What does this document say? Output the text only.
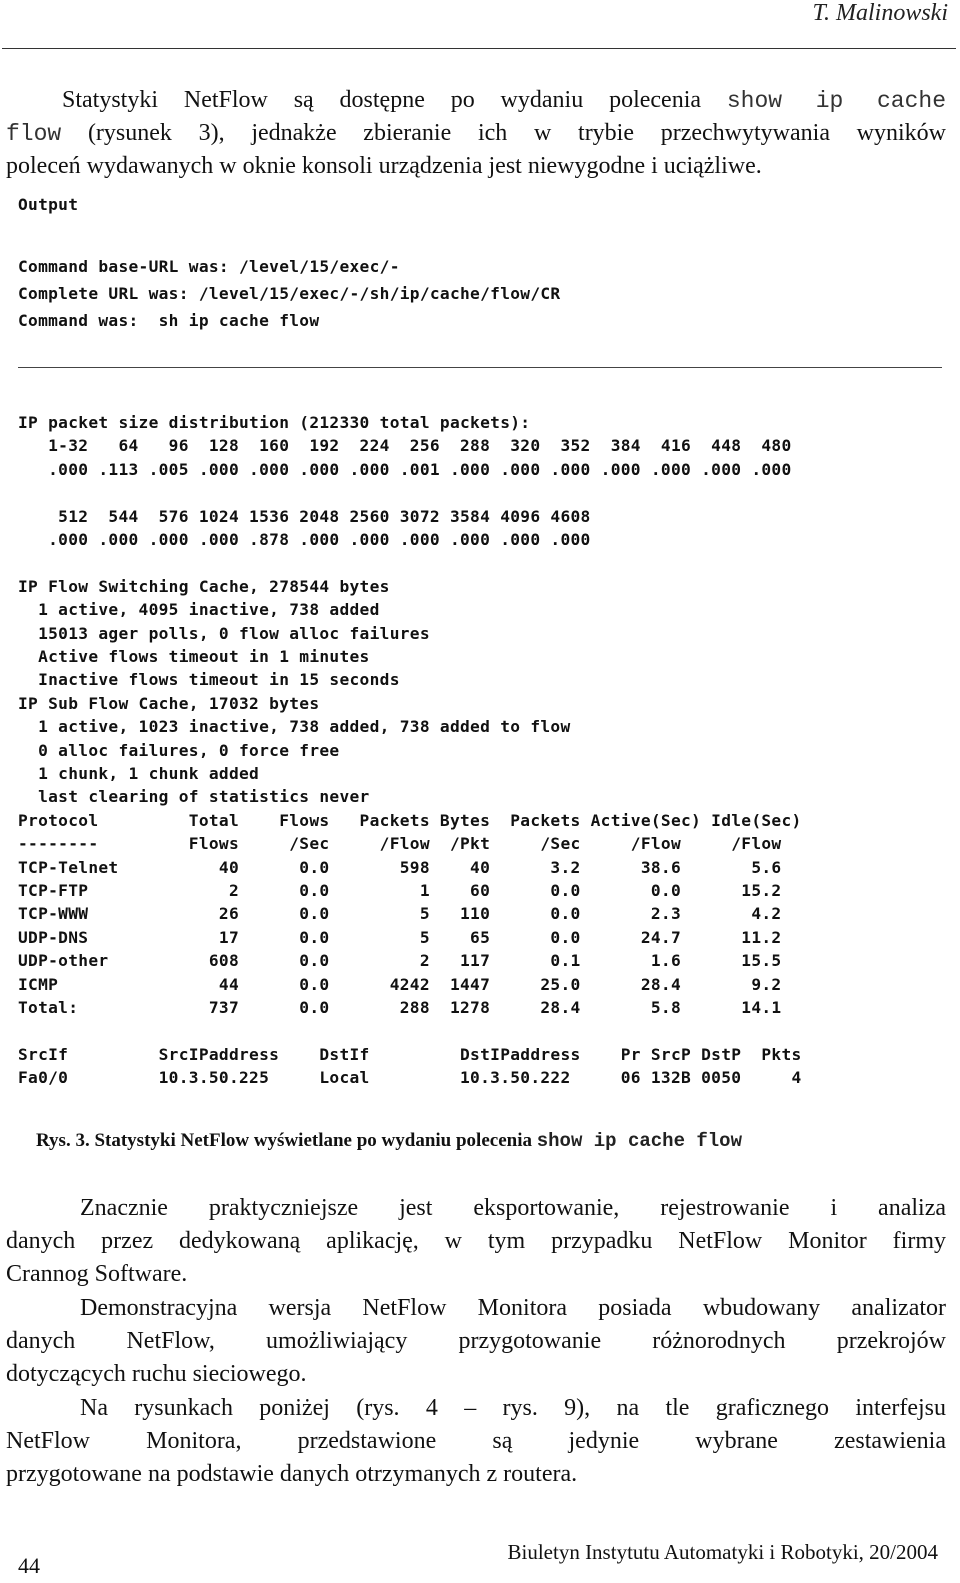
T. Malinowski
Statystyki NetFlow są dostępne po wydaniu polecenia show ip cache
flow (rysunek 3), jednakże zbieranie ich w trybie przechwytywania wyników
poleceń wydawanych w oknie konsoli urządzenia jest niewygodne i uciążliwe.
Output
Command base-URL was: /level/15/exec/-
Complete URL was: /level/15/exec/-/sh/ip/cache/flow/CR
Command was:  sh ip cache flow
IP packet size distribution (212330 total packets):
1-32   64   96  128  160  192  224  256  288  320  352  384  416  448  480
.000 .113 .005 .000 .000 .000 .000 .001 .000 .000 .000 .000 .000 .000 .000
512  544  576 1024 1536 2048 2560 3072 3584 4096 4608
.000 .000 .000 .000 .878 .000 .000 .000 .000 .000 .000
IP Flow Switching Cache, 278544 bytes
1 active, 4095 inactive, 738 added
15013 ager polls, 0 flow alloc failures
Active flows timeout in 1 minutes
Inactive flows timeout in 15 seconds
IP Sub Flow Cache, 17032 bytes
1 active, 1023 inactive, 738 added, 738 added to flow
0 alloc failures, 0 force free
1 chunk, 1 chunk added
last clearing of statistics never
Protocol         Total    Flows   Packets Bytes  Packets Active(Sec) Idle(Sec)
--------         Flows     /Sec     /Flow  /Pkt     /Sec     /Flow     /Flow
TCP-Telnet          40      0.0       598    40      3.2      38.6       5.6
TCP-FTP              2      0.0         1    60      0.0       0.0      15.2
TCP-WWW             26      0.0         5   110      0.0       2.3       4.2
UDP-DNS             17      0.0         5    65      0.0      24.7      11.2
UDP-other          608      0.0         2   117      0.1       1.6      15.5
ICMP                44      0.0      4242  1447     25.0      28.4       9.2
Total:             737      0.0       288  1278     28.4       5.8      14.1
SrcIf         SrcIPaddress    DstIf         DstIPaddress    Pr SrcP DstP  Pkts
Fa0/0         10.3.50.225     Local         10.3.50.222     06 132B 0050     4
Rys. 3. Statystyki NetFlow wyświetlane po wydaniu polecenia show ip cache flow
Znacznie praktyczniejsze jest eksportowanie, rejestrowanie i analiza
danych przez dedykowaną aplikację, w tym przypadku NetFlow Monitor firmy
Crannog Software.
Demonstracyjna wersja NetFlow Monitora posiada wbudowany analizator
danych NetFlow, umożliwiający przygotowanie różnorodnych przekrojów
dotyczących ruchu sieciowego.
Na rysunkach poniżej (rys. 4 – rys. 9), na tle graficznego interfejsu
NetFlow Monitora, przedstawione są jedynie wybrane zestawienia
przygotowane na podstawie danych otrzymanych z routera.
44
Biuletyn Instytutu Automatyki i Robotyki, 20/2004
